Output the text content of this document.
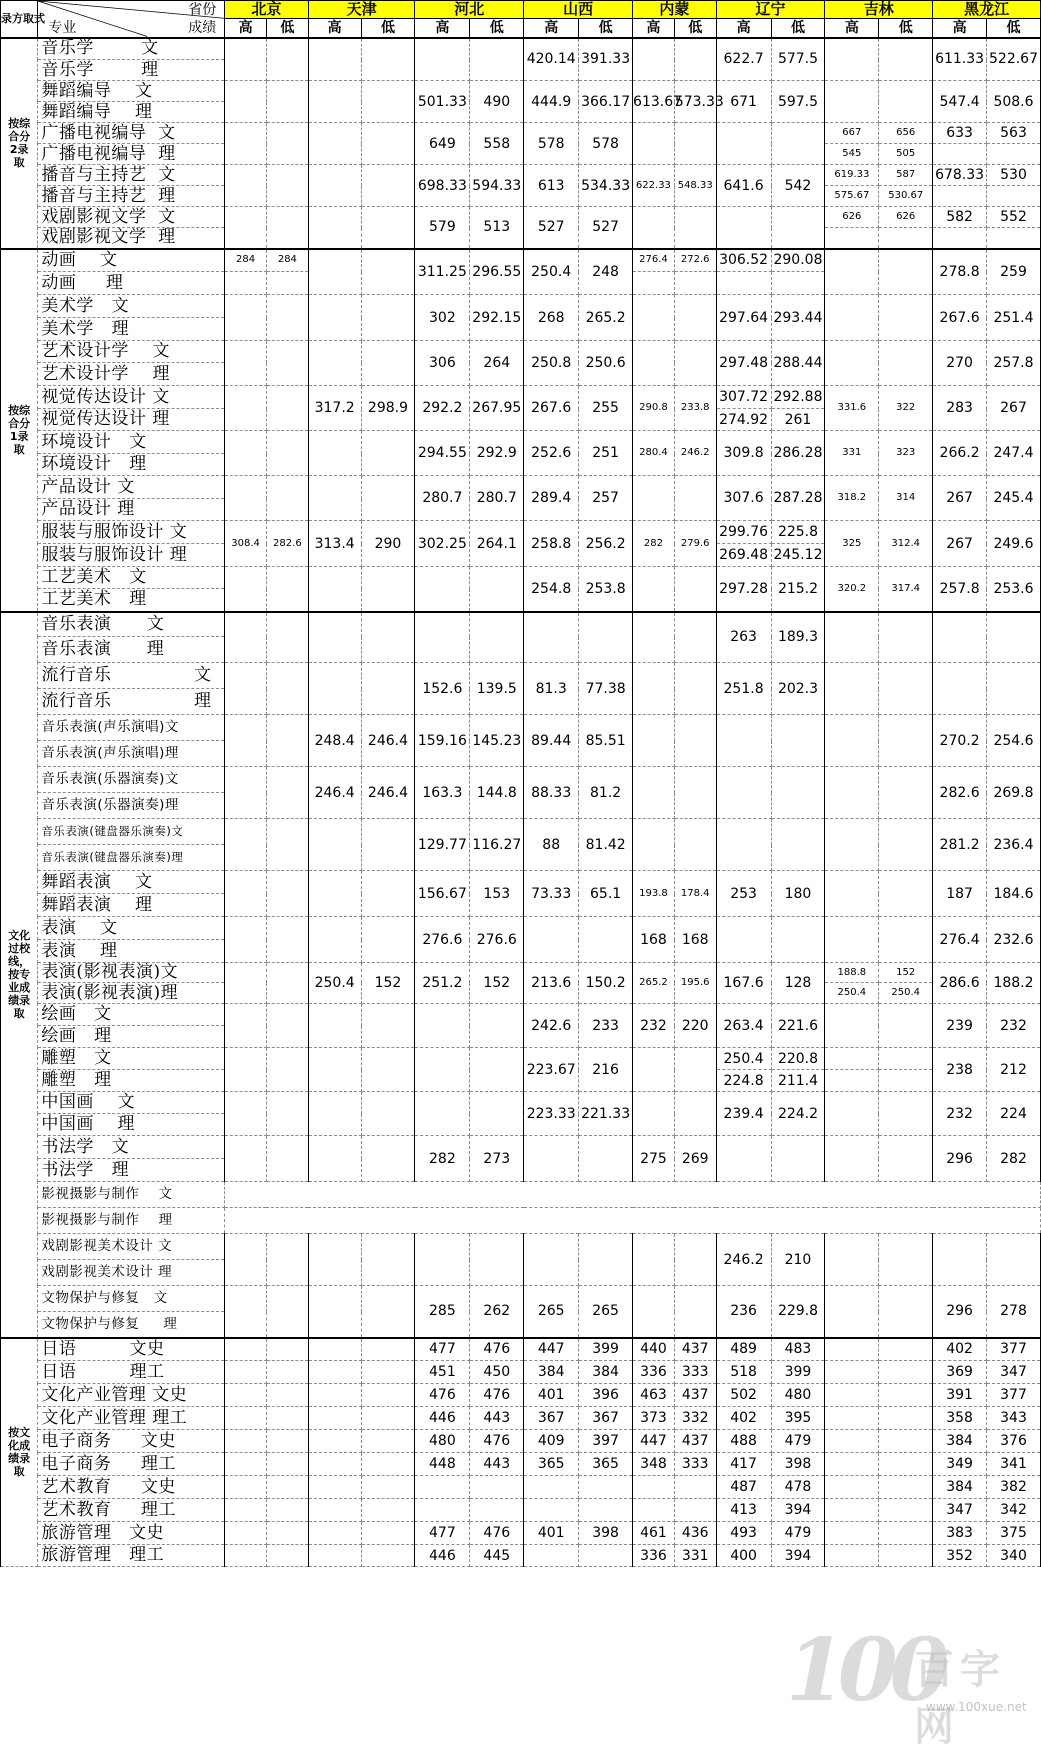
录方取式	省份
成绩
专业	北京		天津		河北		山西		内蒙		辽宁		吉林		黑龙江	
		高	低	高	低	高	低	高	低	高	低	高	低	高	低	高	低
按综合分2录取	音乐学        文							420.14	391.33			622.7	577.5			611.33	522.67
	音乐学        理																
	舞蹈编导    文					501.33	490	444.9	366.17	613.67	573.33	671	597.5			547.4	508.6
	舞蹈编导    理																
	广播电视编导  文					649	558	578	578					667	656	633	563
	广播电视编导  理													545	505		
	播音与主持艺  文					698.33	594.33	613	534.33	622.33	548.33	641.6	542	619.33	587	678.33	530
	播音与主持艺  理													575.67	530.67		
	戏剧影视文学  文					579	513	527	527					626	626	582	552
	戏剧影视文学  理																
按综合分1录取	动画    文	284	284			311.25	296.55	250.4	248	276.4	272.6	306.52	290.08			278.8	259
	动画     理																
	美术学   文					302	292.15	268	265.2			297.64	293.44			267.6	251.4
	美术学   理																
	艺术设计学    文					306	264	250.8	250.6			297.48	288.44			270	257.8
	艺术设计学    理																
	视觉传达设计 文			317.2	298.9	292.2	267.95	267.6	255	290.8	233.8	307.72	292.88	331.6	322	283	267
	视觉传达设计 理											274.92	261				
	环境设计   文					294.55	292.9	252.6	251	280.4	246.2	309.8	286.28	331	323	266.2	247.4
	环境设计   理																
	产品设计 文					280.7	280.7	289.4	257			307.6	287.28	318.2	314	267	245.4
	产品设计 理																
	服装与服饰设计 文	308.4	282.6	313.4	290	302.25	264.1	258.8	256.2	282	279.6	299.76	225.8	325	312.4	267	249.6
	服装与服饰设计 理											269.48	245.12				
	工艺美术   文							254.8	253.8			297.28	215.2	320.2	317.4	257.8	253.6
	工艺美术   理																
文化过校线，按专业成绩录取	音乐表演      文											263	189.3				
	音乐表演      理																
	流行音乐              文					152.6	139.5	81.3	77.38			251.8	202.3				
	流行音乐              理																
	音乐表演(声乐演唱)文			248.4	246.4	159.16	145.23	89.44	85.51							270.2	254.6
	音乐表演(声乐演唱)理																
	音乐表演(乐器演奏)文			246.4	246.4	163.3	144.8	88.33	81.2							282.6	269.8
	音乐表演(乐器演奏)理																
	音乐表演(键盘器乐演奏)文					129.77	116.27	88	81.42							281.2	236.4
	音乐表演(键盘器乐演奏)理																
	舞蹈表演    文					156.67	153	73.33	65.1	193.8	178.4	253	180			187	184.6
	舞蹈表演    理																
	表演    文					276.6	276.6			168	168					276.4	232.6
	表演    理																
	表演(影视表演)文			250.4	152	251.2	152	213.6	150.2	265.2	195.6	167.6	128	188.8	152	286.6	188.2
	表演(影视表演)理													250.4	250.4		
	绘画   文							242.6	233	232	220	263.4	221.6			239	232
	绘画   理																
	雕塑   文							223.67	216			250.4	220.8			238	212
	雕塑   理											224.8	211.4				
	中国画    文							223.33	221.33			239.4	224.2			232	224
	中国画    理																
	书法学   文					282	273			275	269					296	282
	书法学   理																
	影视摄影与制作    文																
	影视摄影与制作    理																
	戏剧影视美术设计 文											246.2	210				
	戏剧影视美术设计 理																
	文物保护与修复   文					285	262	265	265			236	229.8			296	278
	文物保护与修复     理																
按文化成绩录取	日语         文史					477	476	447	399	440	437	489	483			402	377
	日语         理工					451	450	384	384	336	333	518	399			369	347
	文化产业管理 文史					476	476	401	396	463	437	502	480			391	377
	文化产业管理 理工					446	443	367	367	373	332	402	395			358	343
	电子商务     文史					480	476	409	397	447	437	488	479			384	376
	电子商务     理工					448	443	365	365	348	333	417	398			349	341
	艺术教育     文史											487	478			384	382
	艺术教育     理工											413	394			347	342
	旅游管理   文史					477	476	401	398	461	436	493	479			383	375
	旅游管理   理工					446	445			336	331	400	394			352	340
100
百字网
www.100xue.net
